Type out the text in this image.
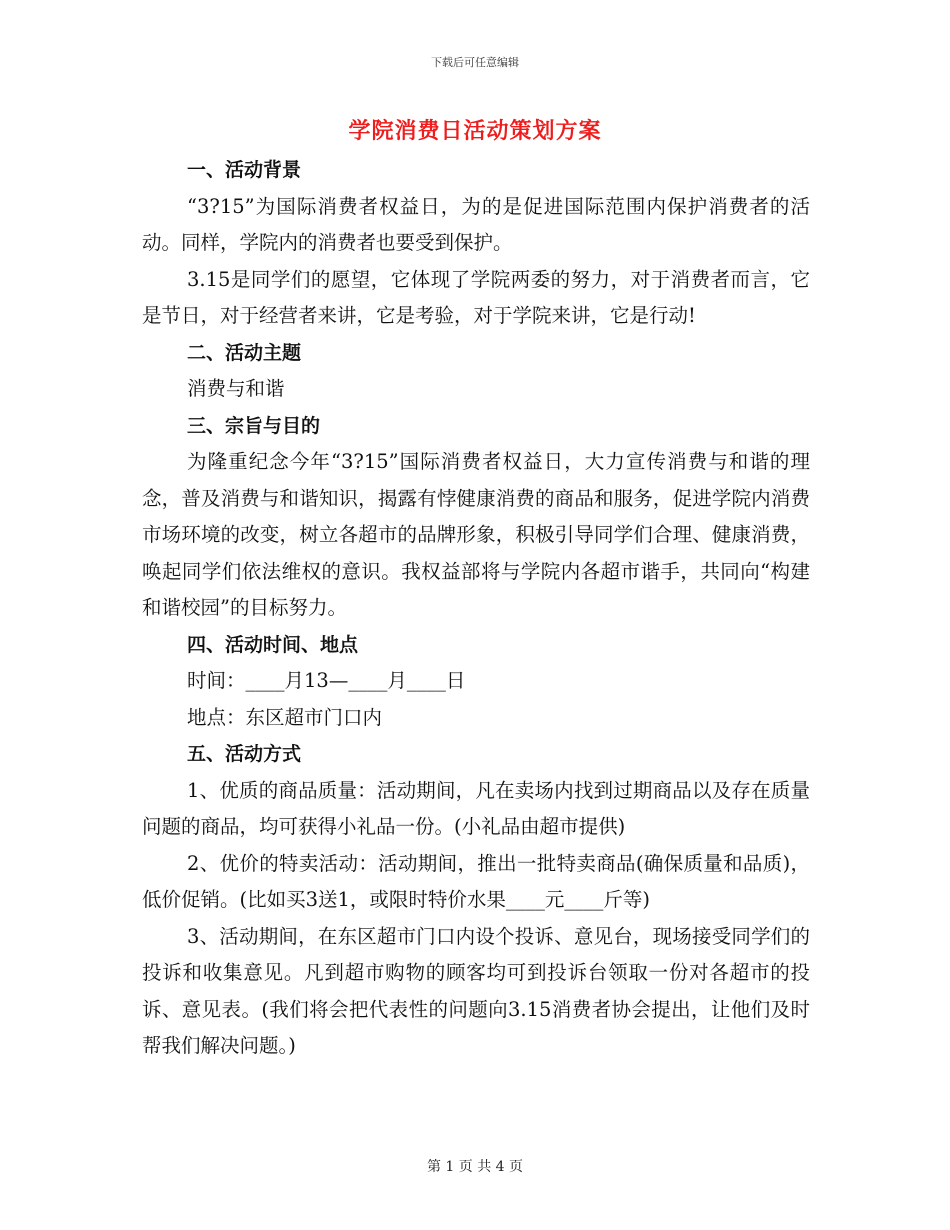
下载后可任意编辑
学院消费日活动策划方案
一、活动背景

“3?15”为国际消费者权益日，为的是促进国际范围内保护消费者的活动。同样，学院内的消费者也要受到保护。

3.15是同学们的愿望，它体现了学院两委的努力，对于消费者而言，它是节日，对于经营者来讲，它是考验，对于学院来讲，它是行动!

二、活动主题

消费与和谐

三、宗旨与目的

为隆重纪念今年“3?15”国际消费者权益日，大力宣传消费与和谐的理念，普及消费与和谐知识，揭露有悖健康消费的商品和服务，促进学院内消费市场环境的改变，树立各超市的品牌形象，积极引导同学们合理、健康消费，唤起同学们依法维权的意识。我权益部将与学院内各超市谐手，共同向“构建和谐校园”的目标努力。

四、活动时间、地点

时间：____月13—____月____日

地点：东区超市门口内

五、活动方式

1、优质的商品质量：活动期间，凡在卖场内找到过期商品以及存在质量问题的商品，均可获得小礼品一份。(小礼品由超市提供)

2、优价的特卖活动：活动期间，推出一批特卖商品(确保质量和品质)，低价促销。(比如买3送1，或限时特价水果____元____斤等)

3、活动期间，在东区超市门口内设个投诉、意见台，现场接受同学们的投诉和收集意见。凡到超市购物的顾客均可到投诉台领取一份对各超市的投诉、意见表。(我们将会把代表性的问题向3.15消费者协会提出，让他们及时帮我们解决问题。)

第 1 页 共 4 页
